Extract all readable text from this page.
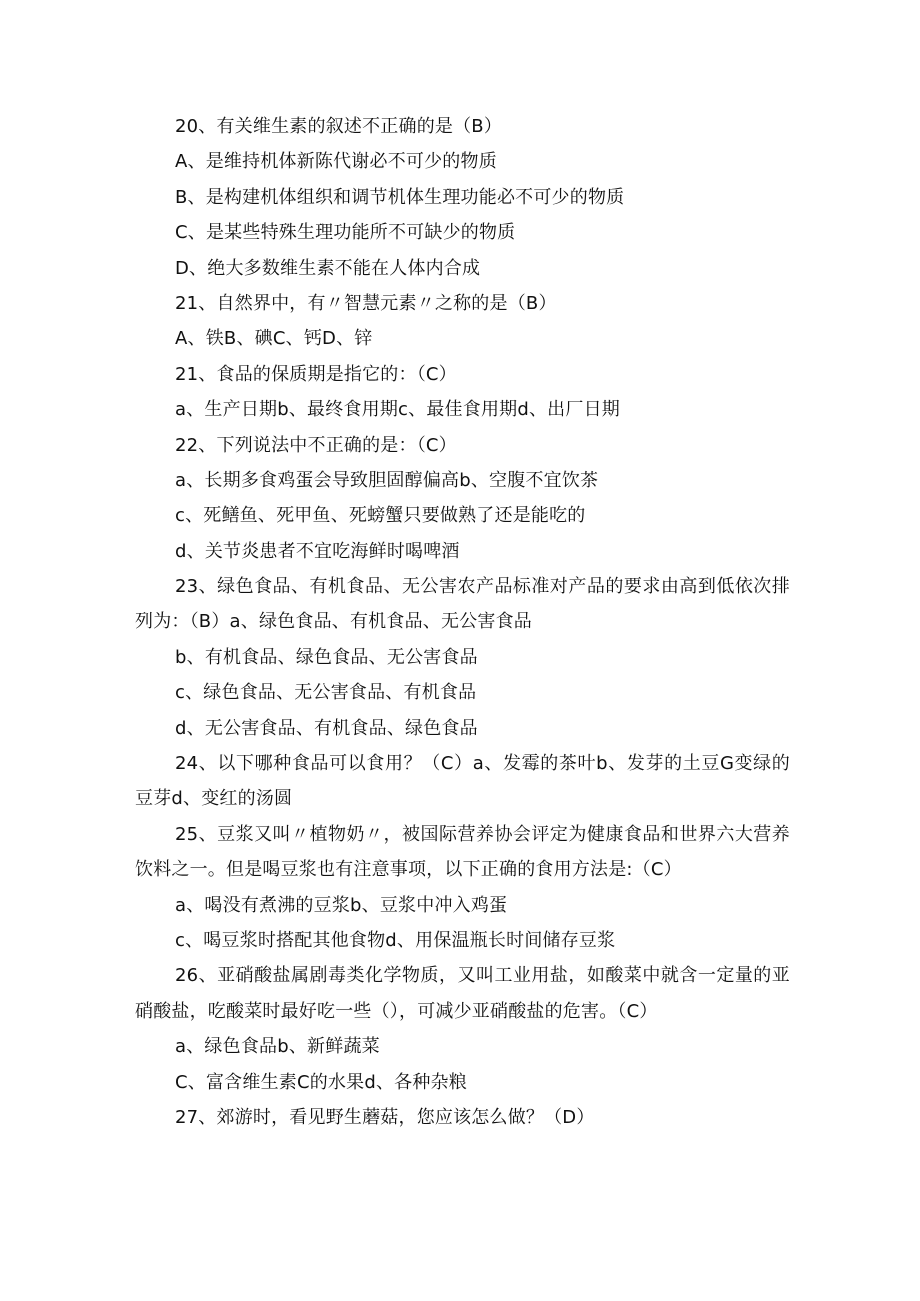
20、有关维生素的叙述不正确的是（B）
A、是维持机体新陈代谢必不可少的物质
B、是构建机体组织和调节机体生理功能必不可少的物质
C、是某些特殊生理功能所不可缺少的物质
D、绝大多数维生素不能在人体内合成
21、自然界中，有〃智慧元素〃之称的是（B）
A、铁B、碘C、钙D、锌
21、食品的保质期是指它的：（C）
a、生产日期b、最终食用期c、最佳食用期d、出厂日期
22、下列说法中不正确的是：（C）
a、长期多食鸡蛋会导致胆固醇偏高b、空腹不宜饮茶
c、死鳝鱼、死甲鱼、死螃蟹只要做熟了还是能吃的
d、关节炎患者不宜吃海鲜时喝啤酒
23、绿色食品、有机食品、无公害农产品标准对产品的要求由高到低依次排列为：（B）a、绿色食品、有机食品、无公害食品
b、有机食品、绿色食品、无公害食品
c、绿色食品、无公害食品、有机食品
d、无公害食品、有机食品、绿色食品
24、以下哪种食品可以食用？（C）a、发霉的茶叶b、发芽的土豆G变绿的豆芽d、变红的汤圆
25、豆浆又叫〃植物奶〃，被国际营养协会评定为健康食品和世界六大营养饮料之一。但是喝豆浆也有注意事项，以下正确的食用方法是:（C）
a、喝没有煮沸的豆浆b、豆浆中冲入鸡蛋
c、喝豆浆时搭配其他食物d、用保温瓶长时间储存豆浆
26、亚硝酸盐属剧毒类化学物质，又叫工业用盐，如酸菜中就含一定量的亚硝酸盐，吃酸菜时最好吃一些（），可减少亚硝酸盐的危害。（C）
a、绿色食品b、新鲜蔬菜
C、富含维生素C的水果d、各种杂粮
27、郊游时，看见野生蘑菇，您应该怎么做？（D）
